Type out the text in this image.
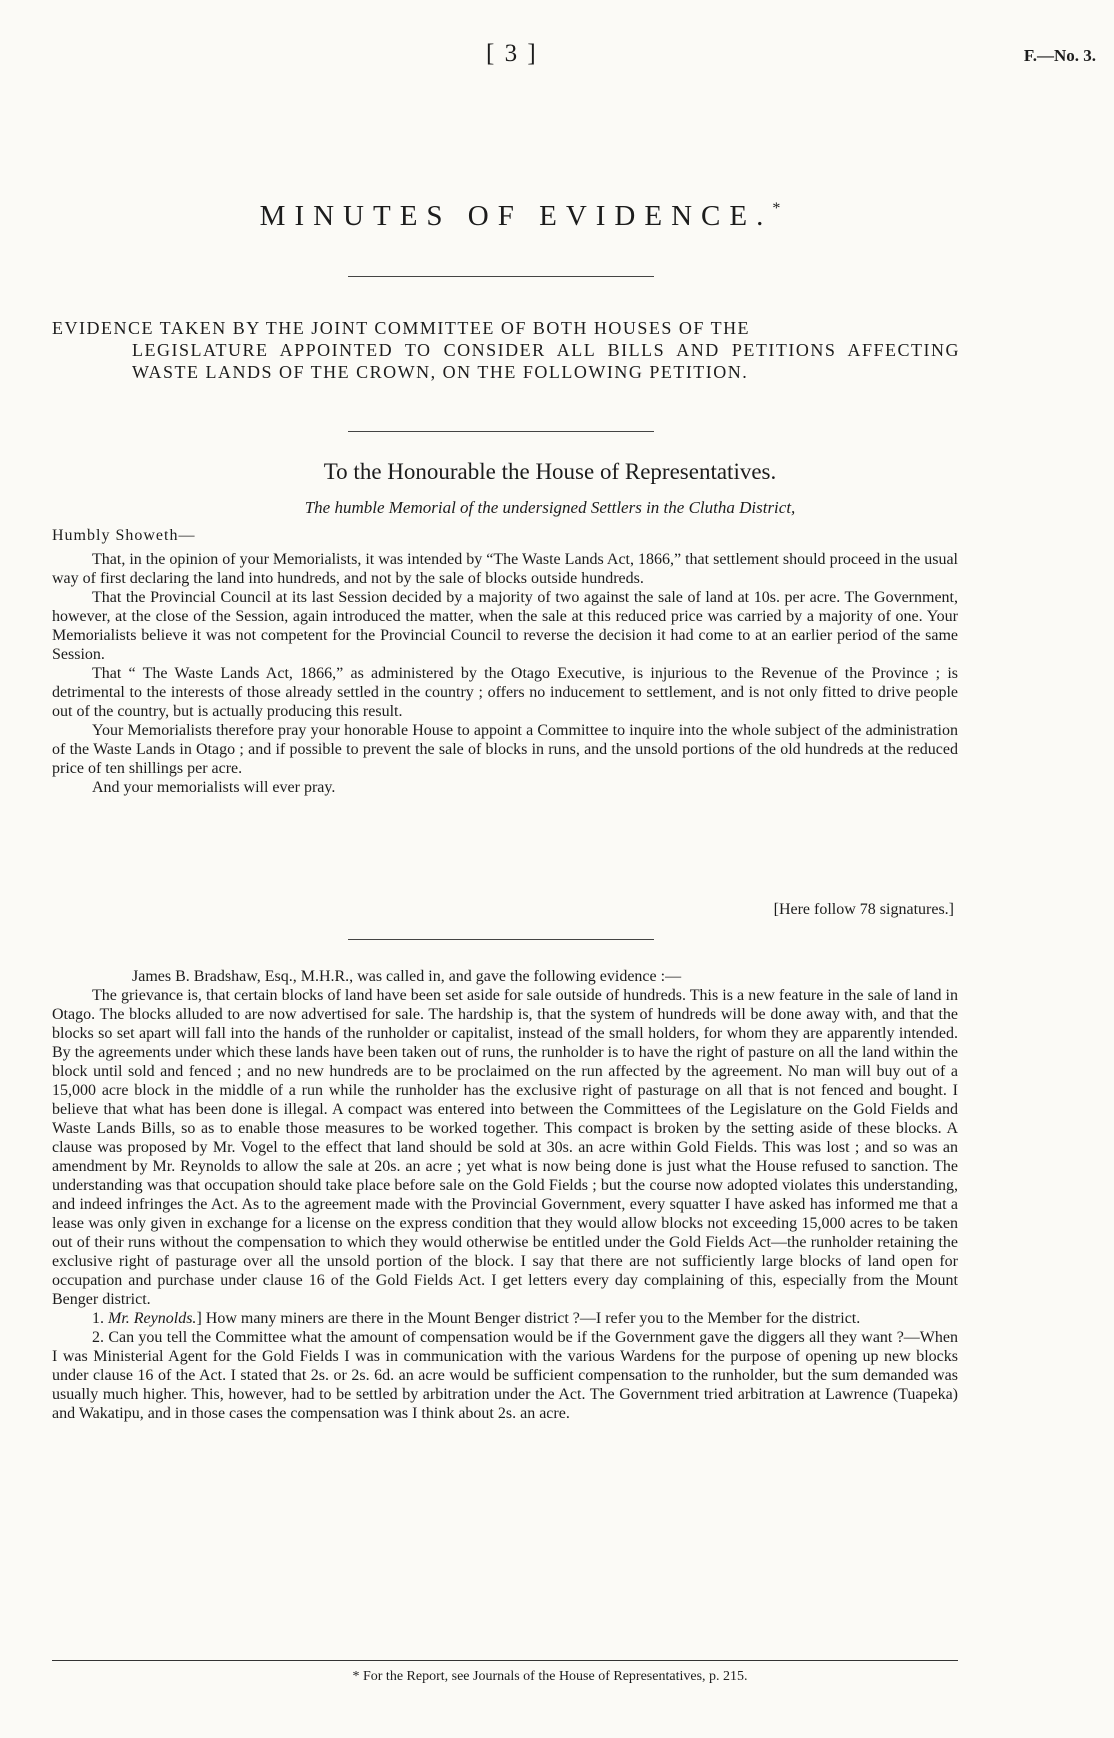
[ 3 ]	F.—No. 3.
MINUTES OF EVIDENCE.*
EVIDENCE TAKEN BY THE JOINT COMMITTEE OF BOTH HOUSES OF THE
LEGISLATURE APPOINTED TO CONSIDER ALL BILLS AND PETITIONS AFFECTING WASTE LANDS OF THE CROWN, ON THE FOLLOWING PETITION.
To the Honourable the House of Representatives.
The humble Memorial of the undersigned Settlers in the Clutha District,
Humbly Showeth—

That, in the opinion of your Memorialists, it was intended by “The Waste Lands Act, 1866,” that settlement should proceed in the usual way of first declaring the land into hundreds, and not by the sale of blocks outside hundreds.

That the Provincial Council at its last Session decided by a majority of two against the sale of land at 10s. per acre. The Government, however, at the close of the Session, again introduced the matter, when the sale at this reduced price was carried by a majority of one. Your Memorialists believe it was not competent for the Provincial Council to reverse the decision it had come to at an earlier period of the same Session.

That “ The Waste Lands Act, 1866,” as administered by the Otago Executive, is injurious to the Revenue of the Province ; is detrimental to the interests of those already settled in the country ; offers no inducement to settlement, and is not only fitted to drive people out of the country, but is actually producing this result.

Your Memorialists therefore pray your honorable House to appoint a Committee to inquire into the whole subject of the administration of the Waste Lands in Otago ; and if possible to prevent the sale of blocks in runs, and the unsold portions of the old hundreds at the reduced price of ten shillings per acre.

And your memorialists will ever pray.

[Here follow 78 signatures.]

James B. Bradshaw, Esq., M.H.R., was called in, and gave the following evidence :—

The grievance is, that certain blocks of land have been set aside for sale outside of hundreds. This is a new feature in the sale of land in Otago. The blocks alluded to are now advertised for sale. The hardship is, that the system of hundreds will be done away with, and that the blocks so set apart will fall into the hands of the runholder or capitalist, instead of the small holders, for whom they are apparently intended. By the agreements under which these lands have been taken out of runs, the runholder is to have the right of pasture on all the land within the block until sold and fenced ; and no new hundreds are to be proclaimed on the run affected by the agreement. No man will buy out of a 15,000 acre block in the middle of a run while the runholder has the exclusive right of pasturage on all that is not fenced and bought. I believe that what has been done is illegal. A compact was entered into between the Committees of the Legislature on the Gold Fields and Waste Lands Bills, so as to enable those measures to be worked together. This compact is broken by the setting aside of these blocks. A clause was proposed by Mr. Vogel to the effect that land should be sold at 30s. an acre within Gold Fields. This was lost ; and so was an amendment by Mr. Reynolds to allow the sale at 20s. an acre ; yet what is now being done is just what the House refused to sanction. The understanding was that occupation should take place before sale on the Gold Fields ; but the course now adopted violates this understanding, and indeed infringes the Act. As to the agreement made with the Provincial Government, every squatter I have asked has informed me that a lease was only given in exchange for a license on the express condition that they would allow blocks not exceeding 15,000 acres to be taken out of their runs without the compensation to which they would otherwise be entitled under the Gold Fields Act—the runholder retaining the exclusive right of pasturage over all the unsold portion of the block. I say that there are not sufficiently large blocks of land open for occupation and purchase under clause 16 of the Gold Fields Act. I get letters every day complaining of this, especially from the Mount Benger district.

1. Mr. Reynolds.] How many miners are there in the Mount Benger district ?—I refer you to the Member for the district.

2. Can you tell the Committee what the amount of compensation would be if the Government gave the diggers all they want ?—When I was Ministerial Agent for the Gold Fields I was in communication with the various Wardens for the purpose of opening up new blocks under clause 16 of the Act. I stated that 2s. or 2s. 6d. an acre would be sufficient compensation to the runholder, but the sum demanded was usually much higher. This, however, had to be settled by arbitration under the Act. The Government tried arbitration at Lawrence (Tuapeka) and Wakatipu, and in those cases the compensation was I think about 2s. an acre.

* For the Report, see Journals of the House of Representatives, p. 215.
